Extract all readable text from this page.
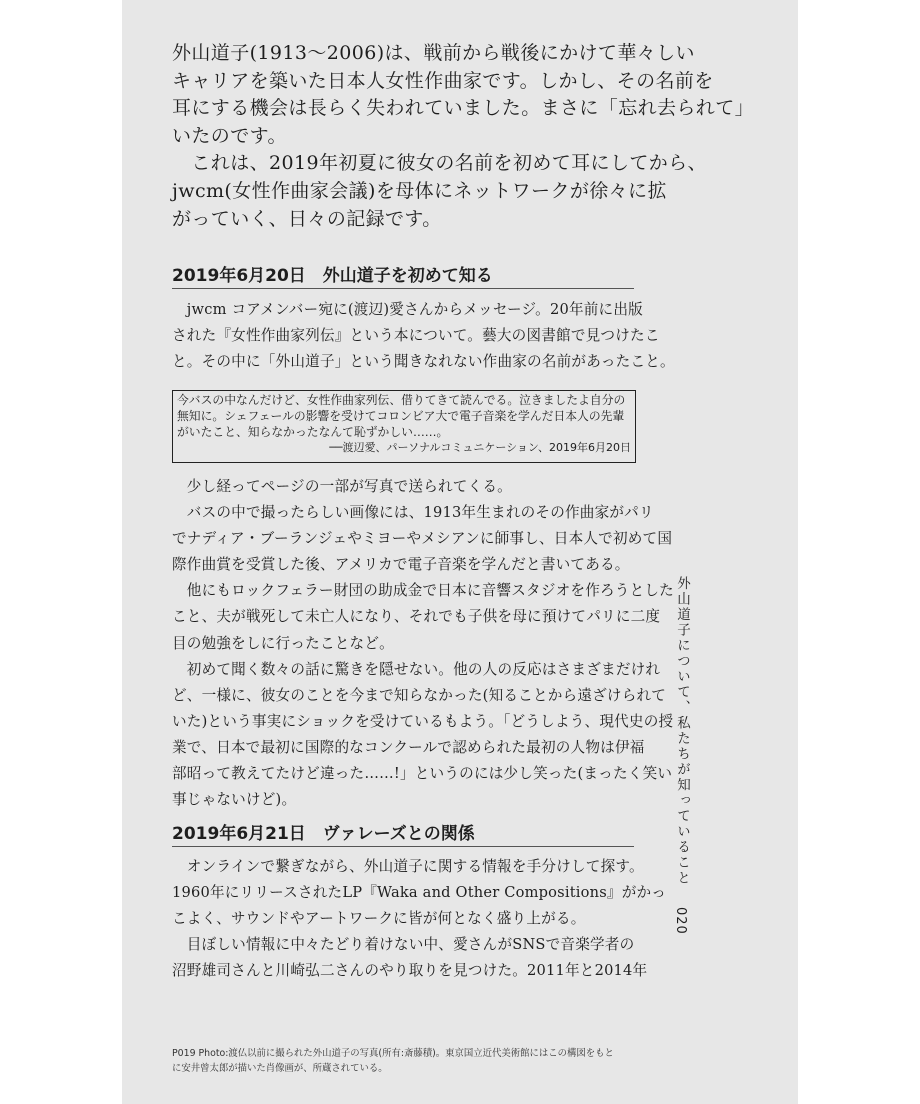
外山道子(1913～2006)は、戦前から戦後にかけて華々しい
キャリアを築いた日本人女性作曲家です。しかし、その名前を
耳にする機会は長らく失われていました。まさに「忘れ去られて」
いたのです。
　これは、2019年初夏に彼女の名前を初めて耳にしてから、
jwcm(女性作曲家会議)を母体にネットワークが徐々に拡
がっていく、日々の記録です。
2019年6月20日　外山道子を初めて知る
　jwcm コアメンバー宛に(渡辺)愛さんからメッセージ。20年前に出版
された『女性作曲家列伝』という本について。藝大の図書館で見つけたこ
と。その中に「外山道子」という聞きなれない作曲家の名前があったこと。
今バスの中なんだけど、女性作曲家列伝、借りてきて読んでる。泣きましたよ自分の
無知に。シェフェールの影響を受けてコロンビア大で電子音楽を学んだ日本人の先輩
がいたこと、知らなかったなんて恥ずかしい……。
──渡辺愛、パーソナルコミュニケーション、2019年6月20日
　少し経ってページの一部が写真で送られてくる。
　バスの中で撮ったらしい画像には、1913年生まれのその作曲家がパリ
でナディア・ブーランジェやミヨーやメシアンに師事し、日本人で初めて国
際作曲賞を受賞した後、アメリカで電子音楽を学んだと書いてある。
　他にもロックフェラー財団の助成金で日本に音響スタジオを作ろうとした
こと、夫が戦死して未亡人になり、それでも子供を母に預けてパリに二度
目の勉強をしに行ったことなど。
　初めて聞く数々の話に驚きを隠せない。他の人の反応はさまざまだけれ
ど、一様に、彼女のことを今まで知らなかった(知ることから遠ざけられて
いた)という事実にショックを受けているもよう。「どうしよう、現代史の授
業で、日本で最初に国際的なコンクールで認められた最初の人物は伊福
部昭って教えてたけど違った……!」というのには少し笑った(まったく笑い
事じゃないけど)。
2019年6月21日　ヴァレーズとの関係
　オンラインで繋ぎながら、外山道子に関する情報を手分けして探す。
1960年にリリースされたLP『Waka and Other Compositions』がかっ
こよく、サウンドやアートワークに皆が何となく盛り上がる。
　目ぼしい情報に中々たどり着けない中、愛さんがSNSで音楽学者の
沼野雄司さんと川崎弘二さんのやり取りを見つけた。2011年と2014年
外山道子について、私たちが知っていること
020
P019 Photo:渡仏以前に撮られた外山道子の写真(所有:斎藤積)。東京国立近代美術館にはこの構図をもと
に安井曾太郎が描いた肖像画が、所蔵されている。
